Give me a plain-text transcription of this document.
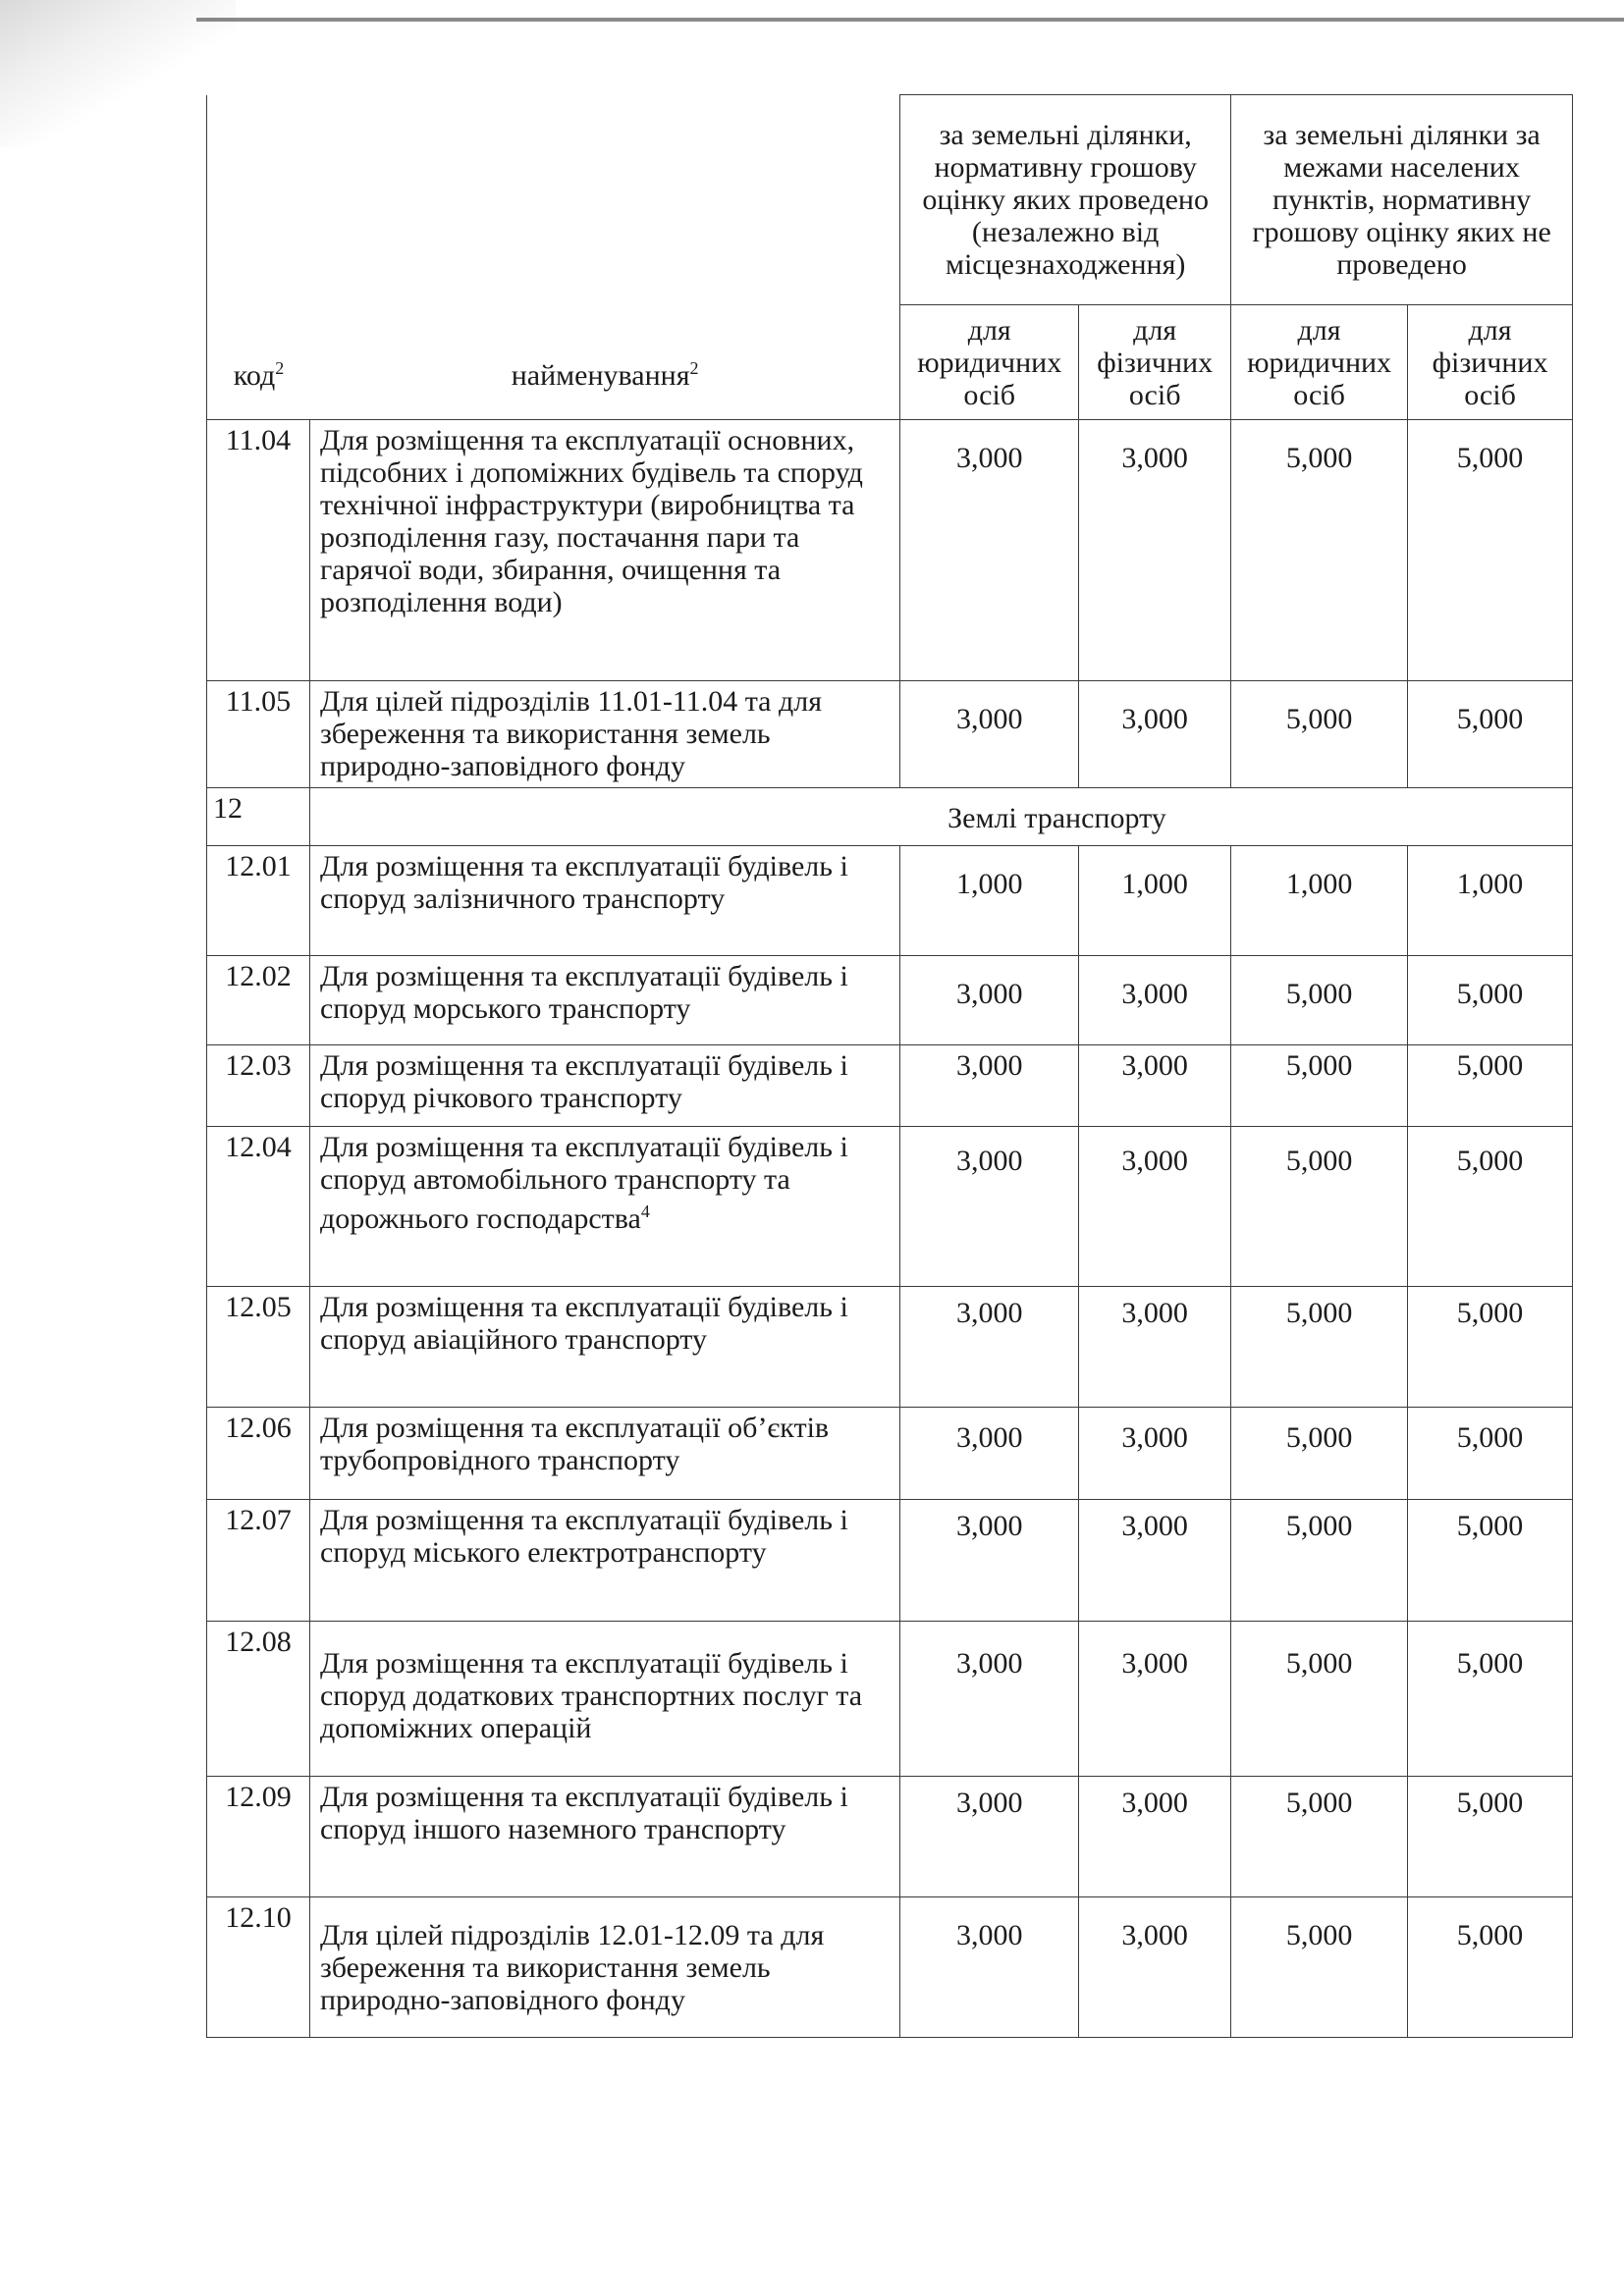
код$^2$ найменування$^2$		за земельні ділянки, нормативну грошову оцінку яких проведено (незалежно від місцезнаходження)		за земельні ділянки за межами населених пунктів, нормативну грошову оцінку яких не проведено	
		для юридичних осіб	для фізичних осіб	для юридичних осіб	для фізичних осіб
11.04	Для розміщення та експлуатації основних, підсобних і допоміжних будівель та споруд технічної інфраструктури (виробництва та розподілення газу, постачання пари та гарячої води, збирання, очищення та розподілення води)	3,000	3,000	5,000	5,000
11.05	Для цілей підрозділів 11.01-11.04 та для збереження та використання земель природно-заповідного фонду	3,000	3,000	5,000	5,000
12	Землі транспорту				
12.01	Для розміщення та експлуатації будівель і споруд залізничного транспорту	1,000	1,000	1,000	1,000
12.02	Для розміщення та експлуатації будівель і споруд морського транспорту	3,000	3,000	5,000	5,000
12.03	Для розміщення та експлуатації будівель і споруд річкового транспорту	3,000	3,000	5,000	5,000
12.04	Для розміщення та експлуатації будівель і споруд автомобільного транспорту та дорожнього господарства$^4$	3,000	3,000	5,000	5,000
12.05	Для розміщення та експлуатації будівель і споруд авіаційного транспорту	3,000	3,000	5,000	5,000
12.06	Для розміщення та експлуатації об’єктів трубопровідного транспорту	3,000	3,000	5,000	5,000
12.07	Для розміщення та експлуатації будівель і споруд міського електротранспорту	3,000	3,000	5,000	5,000
12.08	Для розміщення та експлуатації будівель і споруд додаткових транспортних послуг та допоміжних операцій	3,000	3,000	5,000	5,000
12.09	Для розміщення та експлуатації будівель і споруд іншого наземного транспорту	3,000	3,000	5,000	5,000
12.10	Для цілей підрозділів 12.01-12.09 та для збереження та використання земель природно-заповідного фонду	3,000	3,000	5,000	5,000
